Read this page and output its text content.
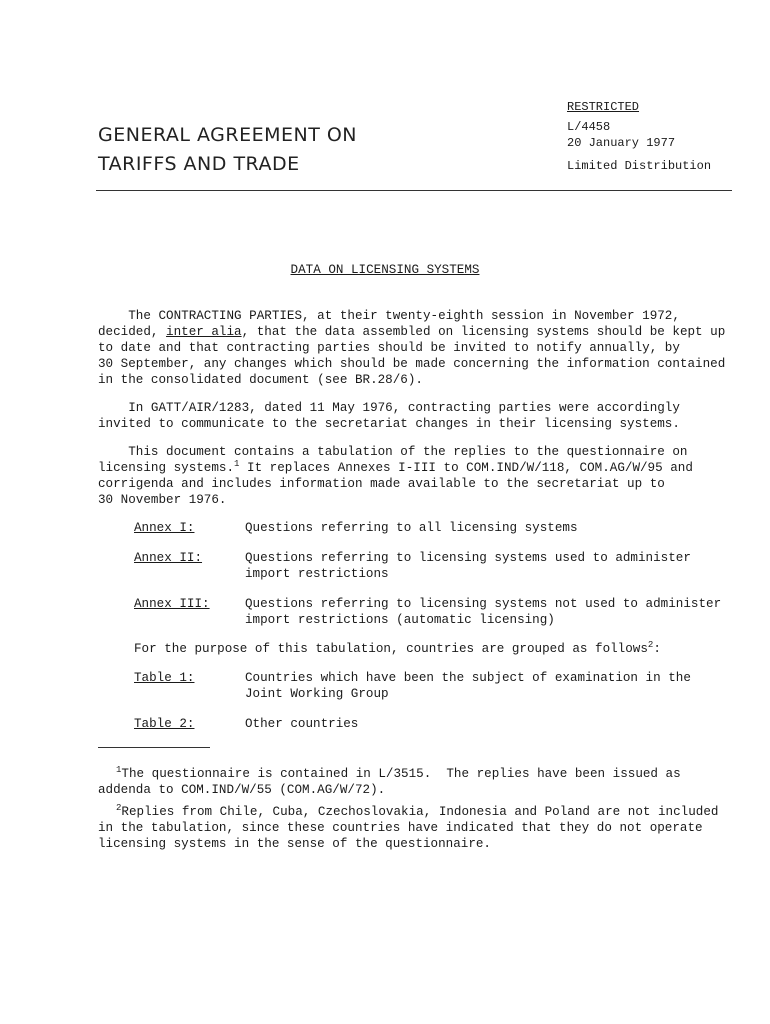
GENERAL AGREEMENT ON
TARIFFS AND TRADE
RESTRICTED
L/4458
20 January 1977
Limited Distribution
DATA ON LICENSING SYSTEMS
The CONTRACTING PARTIES, at their twenty-eighth session in November 1972,
decided, inter alia, that the data assembled on licensing systems should be kept up
to date and that contracting parties should be invited to notify annually, by
30 September, any changes which should be made concerning the information contained
in the consolidated document (see BR.28/6).
In GATT/AIR/1283, dated 11 May 1976, contracting parties were accordingly
invited to communicate to the secretariat changes in their licensing systems.
This document contains a tabulation of the replies to the questionnaire on
licensing systems.$^1$ It replaces Annexes I-III to COM.IND/W/118, COM.AG/W/95 and
corrigenda and includes information made available to the secretariat up to
30 November 1976.
Annex I:	Questions referring to all licensing systems
Annex II:	Questions referring to licensing systems used to administer
import restrictions
Annex III:	Questions referring to licensing systems not used to administer
import restrictions (automatic licensing)
For the purpose of this tabulation, countries are grouped as follows$^2$:
Table 1:	Countries which have been the subject of examination in the
Joint Working Group
Table 2:	Other countries
$^1$The questionnaire is contained in L/3515.  The replies have been issued as
addenda to COM.IND/W/55 (COM.AG/W/72).
$^2$Replies from Chile, Cuba, Czechoslovakia, Indonesia and Poland are not included
in the tabulation, since these countries have indicated that they do not operate
licensing systems in the sense of the questionnaire.
